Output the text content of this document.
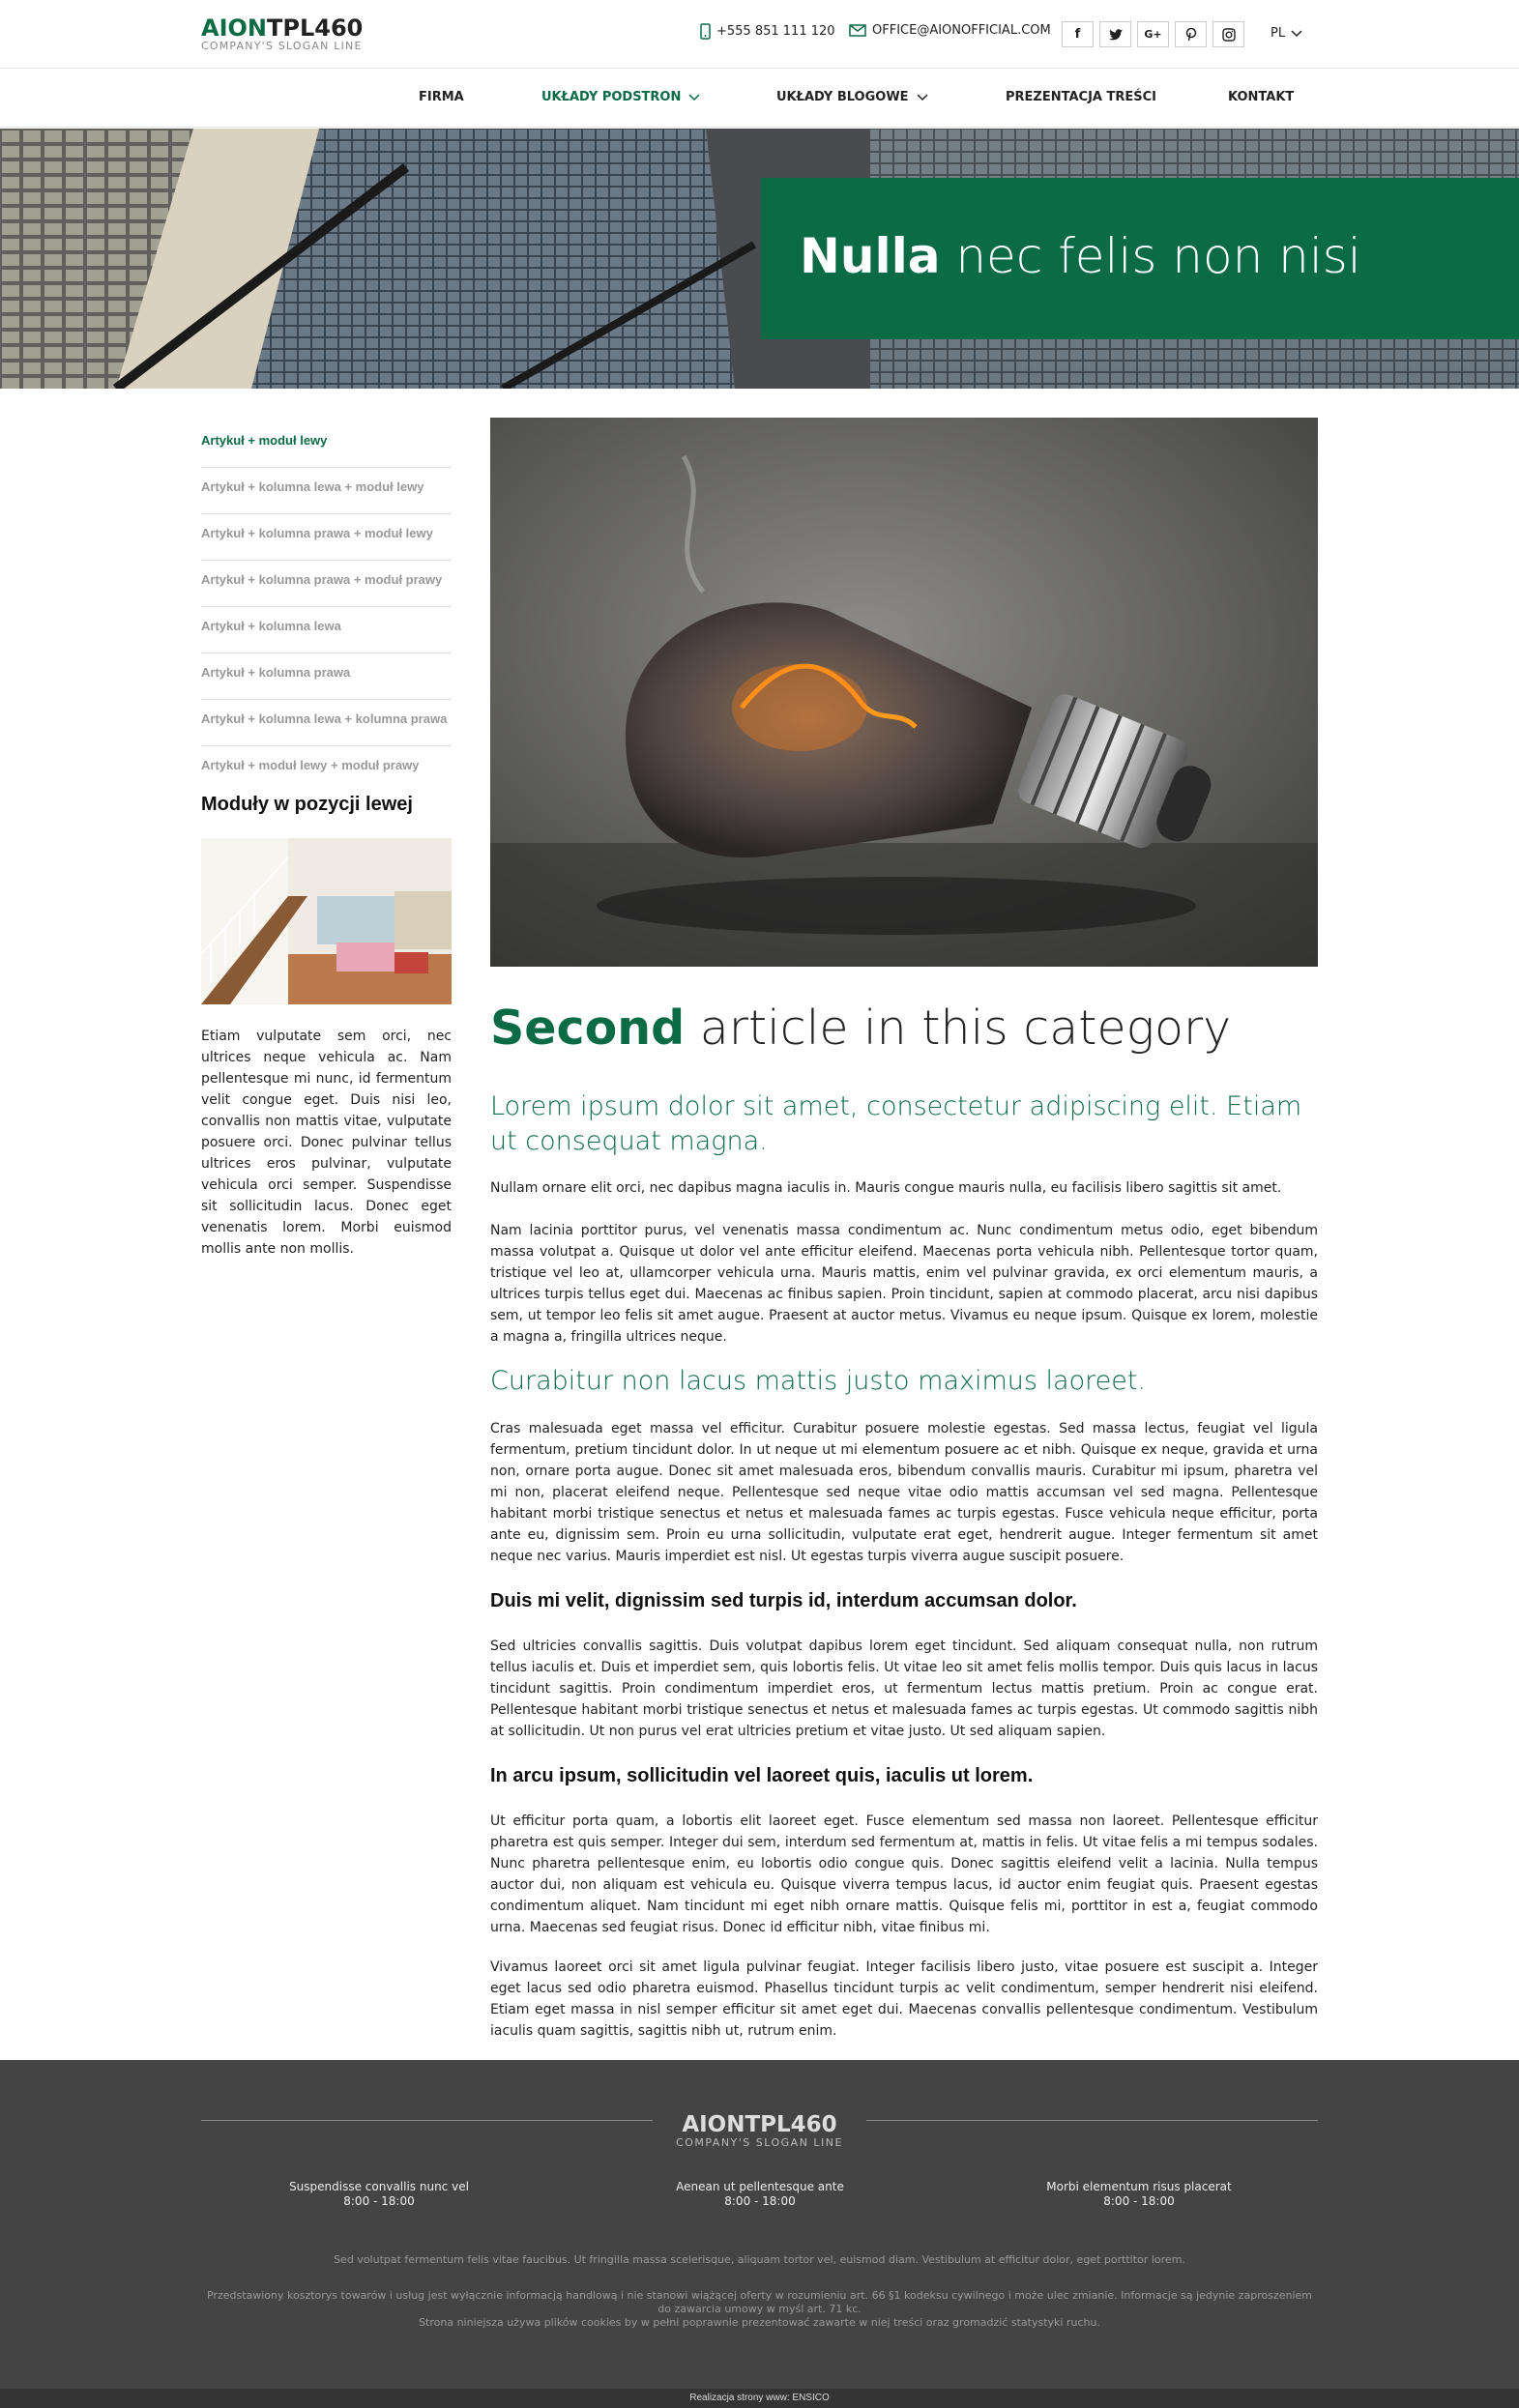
AIONTPL460
COMPANY'S SLOGAN LINE
+555 851 111 120	OFFICE@AIONOFFICIAL.COM f	G+	PL
FIRMA	UKŁADY PODSTRON	UKŁADY BLOGOWE	PREZENTACJA TREŚCI	KONTAKT
Nulla nec felis non nisi
Artykuł + moduł lewy
Artykuł + kolumna lewa + moduł lewy
Artykuł + kolumna prawa + moduł lewy
Artykuł + kolumna prawa + moduł prawy
Artykuł + kolumna lewa
Artykuł + kolumna prawa
Artykuł + kolumna lewa + kolumna prawa
Artykuł + moduł lewy + moduł prawy
Moduły w pozycji lewej
Etiam vulputate sem orci, nec ultrices neque vehicula ac. Nam pellentesque mi nunc, id fermentum velit congue eget. Duis nisi leo, convallis non mattis vitae, vulputate posuere orci. Donec pulvinar tellus ultrices eros pulvinar, vulputate vehicula orci semper. Suspendisse sit sollicitudin lacus. Donec eget venenatis lorem. Morbi euismod mollis ante non mollis.
Second article in this category
Lorem ipsum dolor sit amet, consectetur adipiscing elit. Etiam ut consequat magna.
Nullam ornare elit orci, nec dapibus magna iaculis in. Mauris congue mauris nulla, eu facilisis libero sagittis sit amet.
Nam lacinia porttitor purus, vel venenatis massa condimentum ac. Nunc condimentum metus odio, eget bibendum massa volutpat a. Quisque ut dolor vel ante efficitur eleifend. Maecenas porta vehicula nibh. Pellentesque tortor quam, tristique vel leo at, ullamcorper vehicula urna. Mauris mattis, enim vel pulvinar gravida, ex orci elementum mauris, a ultrices turpis tellus eget dui. Maecenas ac finibus sapien. Proin tincidunt, sapien at commodo placerat, arcu nisi dapibus sem, ut tempor leo felis sit amet augue. Praesent at auctor metus. Vivamus eu neque ipsum. Quisque ex lorem, molestie a magna a, fringilla ultrices neque.
Curabitur non lacus mattis justo maximus laoreet.
Cras malesuada eget massa vel efficitur. Curabitur posuere molestie egestas. Sed massa lectus, feugiat vel ligula fermentum, pretium tincidunt dolor. In ut neque ut mi elementum posuere ac et nibh. Quisque ex neque, gravida et urna non, ornare porta augue. Donec sit amet malesuada eros, bibendum convallis mauris. Curabitur mi ipsum, pharetra vel mi non, placerat eleifend neque. Pellentesque sed neque vitae odio mattis accumsan vel sed magna. Pellentesque habitant morbi tristique senectus et netus et malesuada fames ac turpis egestas. Fusce vehicula neque efficitur, porta ante eu, dignissim sem. Proin eu urna sollicitudin, vulputate erat eget, hendrerit augue. Integer fermentum sit amet neque nec varius. Mauris imperdiet est nisl. Ut egestas turpis viverra augue suscipit posuere.
Duis mi velit, dignissim sed turpis id, interdum accumsan dolor.
Sed ultricies convallis sagittis. Duis volutpat dapibus lorem eget tincidunt. Sed aliquam consequat nulla, non rutrum tellus iaculis et. Duis et imperdiet sem, quis lobortis felis. Ut vitae leo sit amet felis mollis tempor. Duis quis lacus in lacus tincidunt sagittis. Proin condimentum imperdiet eros, ut fermentum lectus mattis pretium. Proin ac congue erat. Pellentesque habitant morbi tristique senectus et netus et malesuada fames ac turpis egestas. Ut commodo sagittis nibh at sollicitudin. Ut non purus vel erat ultricies pretium et vitae justo. Ut sed aliquam sapien.
In arcu ipsum, sollicitudin vel laoreet quis, iaculis ut lorem.
Ut efficitur porta quam, a lobortis elit laoreet eget. Fusce elementum sed massa non laoreet. Pellentesque efficitur pharetra est quis semper. Integer dui sem, interdum sed fermentum at, mattis in felis. Ut vitae felis a mi tempus sodales. Nunc pharetra pellentesque enim, eu lobortis odio congue quis. Donec sagittis eleifend velit a lacinia. Nulla tempus auctor dui, non aliquam est vehicula eu. Quisque viverra tempus lacus, id auctor enim feugiat quis. Praesent egestas condimentum aliquet. Nam tincidunt mi eget nibh ornare mattis. Quisque felis mi, porttitor in est a, feugiat commodo urna. Maecenas sed feugiat risus. Donec id efficitur nibh, vitae finibus mi.
Vivamus laoreet orci sit amet ligula pulvinar feugiat. Integer facilisis libero justo, vitae posuere est suscipit a. Integer eget lacus sed odio pharetra euismod. Phasellus tincidunt turpis ac velit condimentum, semper hendrerit nisi eleifend. Etiam eget massa in nisl semper efficitur sit amet eget dui. Maecenas convallis pellentesque condimentum. Vestibulum iaculis quam sagittis, sagittis nibh ut, rutrum enim.
AIONTPL460
COMPANY'S SLOGAN LINE
Suspendisse convallis nunc vel
8:00 - 18:00
Aenean ut pellentesque ante
8:00 - 18:00
Morbi elementum risus placerat
8:00 - 18:00
Sed volutpat fermentum felis vitae faucibus. Ut fringilla massa scelerisque, aliquam tortor vel, euismod diam. Vestibulum at efficitur dolor, eget porttitor lorem.
Przedstawiony kosztorys towarów i usług jest wyłącznie informacją handlową i nie stanowi wiążącej oferty w rozumieniu art. 66 §1 kodeksu cywilnego i może ulec zmianie. Informacje są jedynie zaproszeniem do zawarcia umowy w myśl art. 71 kc.
Strona niniejsza używa plików cookies by w pełni poprawnie prezentować zawarte w niej treści oraz gromadzić statystyki ruchu.
Realizacja strony www: ENSICO
